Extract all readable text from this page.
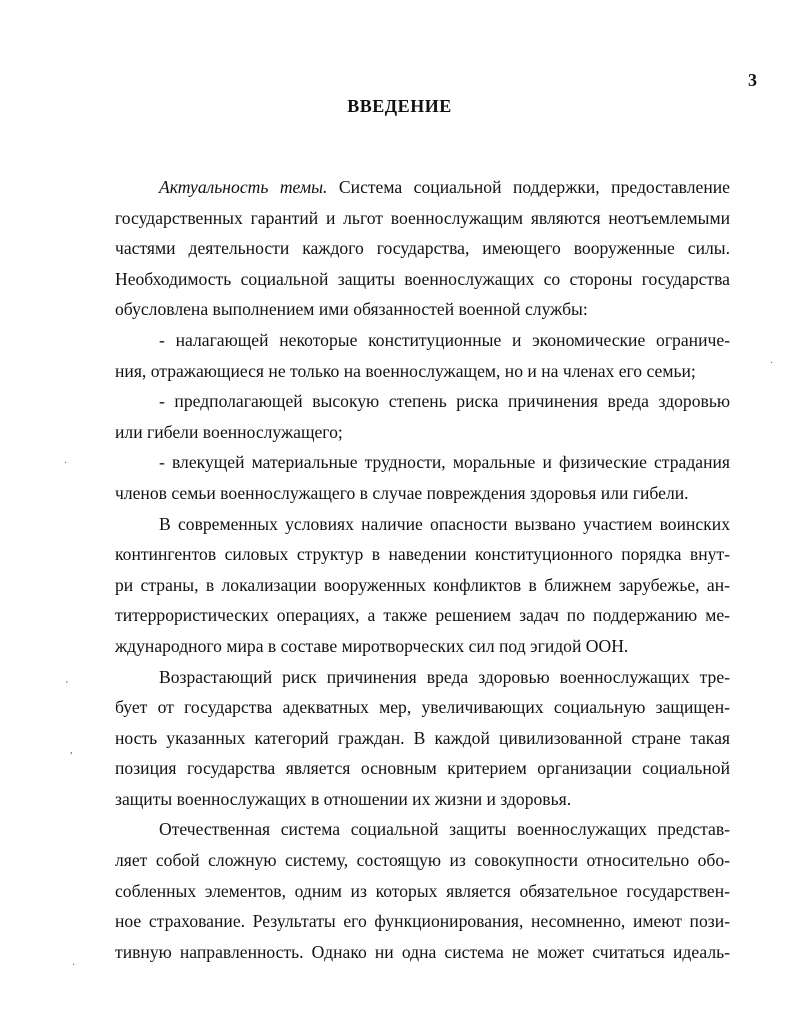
3
ВВЕДЕНИЕ
Актуальность темы. Система социальной поддержки, предоставление
государственных гарантий и льгот военнослужащим являются неотъемлемыми
частями деятельности каждого государства, имеющего вооруженные силы.
Необходимость социальной защиты военнослужащих со стороны государства
обусловлена выполнением ими обязанностей военной службы:
- налагающей некоторые конституционные и экономические ограниче-
ния, отражающиеся не только на военнослужащем, но и на членах его семьи;
- предполагающей высокую степень риска причинения вреда здоровью
или гибели военнослужащего;
- влекущей материальные трудности, моральные и физические страдания
членов семьи военнослужащего в случае повреждения здоровья или гибели.
В современных условиях наличие опасности вызвано участием воинских
контингентов силовых структур в наведении конституционного порядка внут-
ри страны, в локализации вооруженных конфликтов в ближнем зарубежье, ан-
титеррористических операциях, а также решением задач по поддержанию ме-
ждународного мира в составе миротворческих сил под эгидой ООН.
Возрастающий риск причинения вреда здоровью военнослужащих тре-
бует от государства адекватных мер, увеличивающих социальную защищен-
ность указанных категорий граждан. В каждой цивилизованной стране такая
позиция государства является основным критерием организации социальной
защиты военнослужащих в отношении их жизни и здоровья.
Отечественная система социальной защиты военнослужащих представ-
ляет собой сложную систему, состоящую из совокупности относительно обо-
собленных элементов, одним из которых является обязательное государствен-
ное страхование. Результаты его функционирования, несомненно, имеют пози-
тивную направленность. Однако ни одна система не может считаться идеаль-
·
'
,
·
·
